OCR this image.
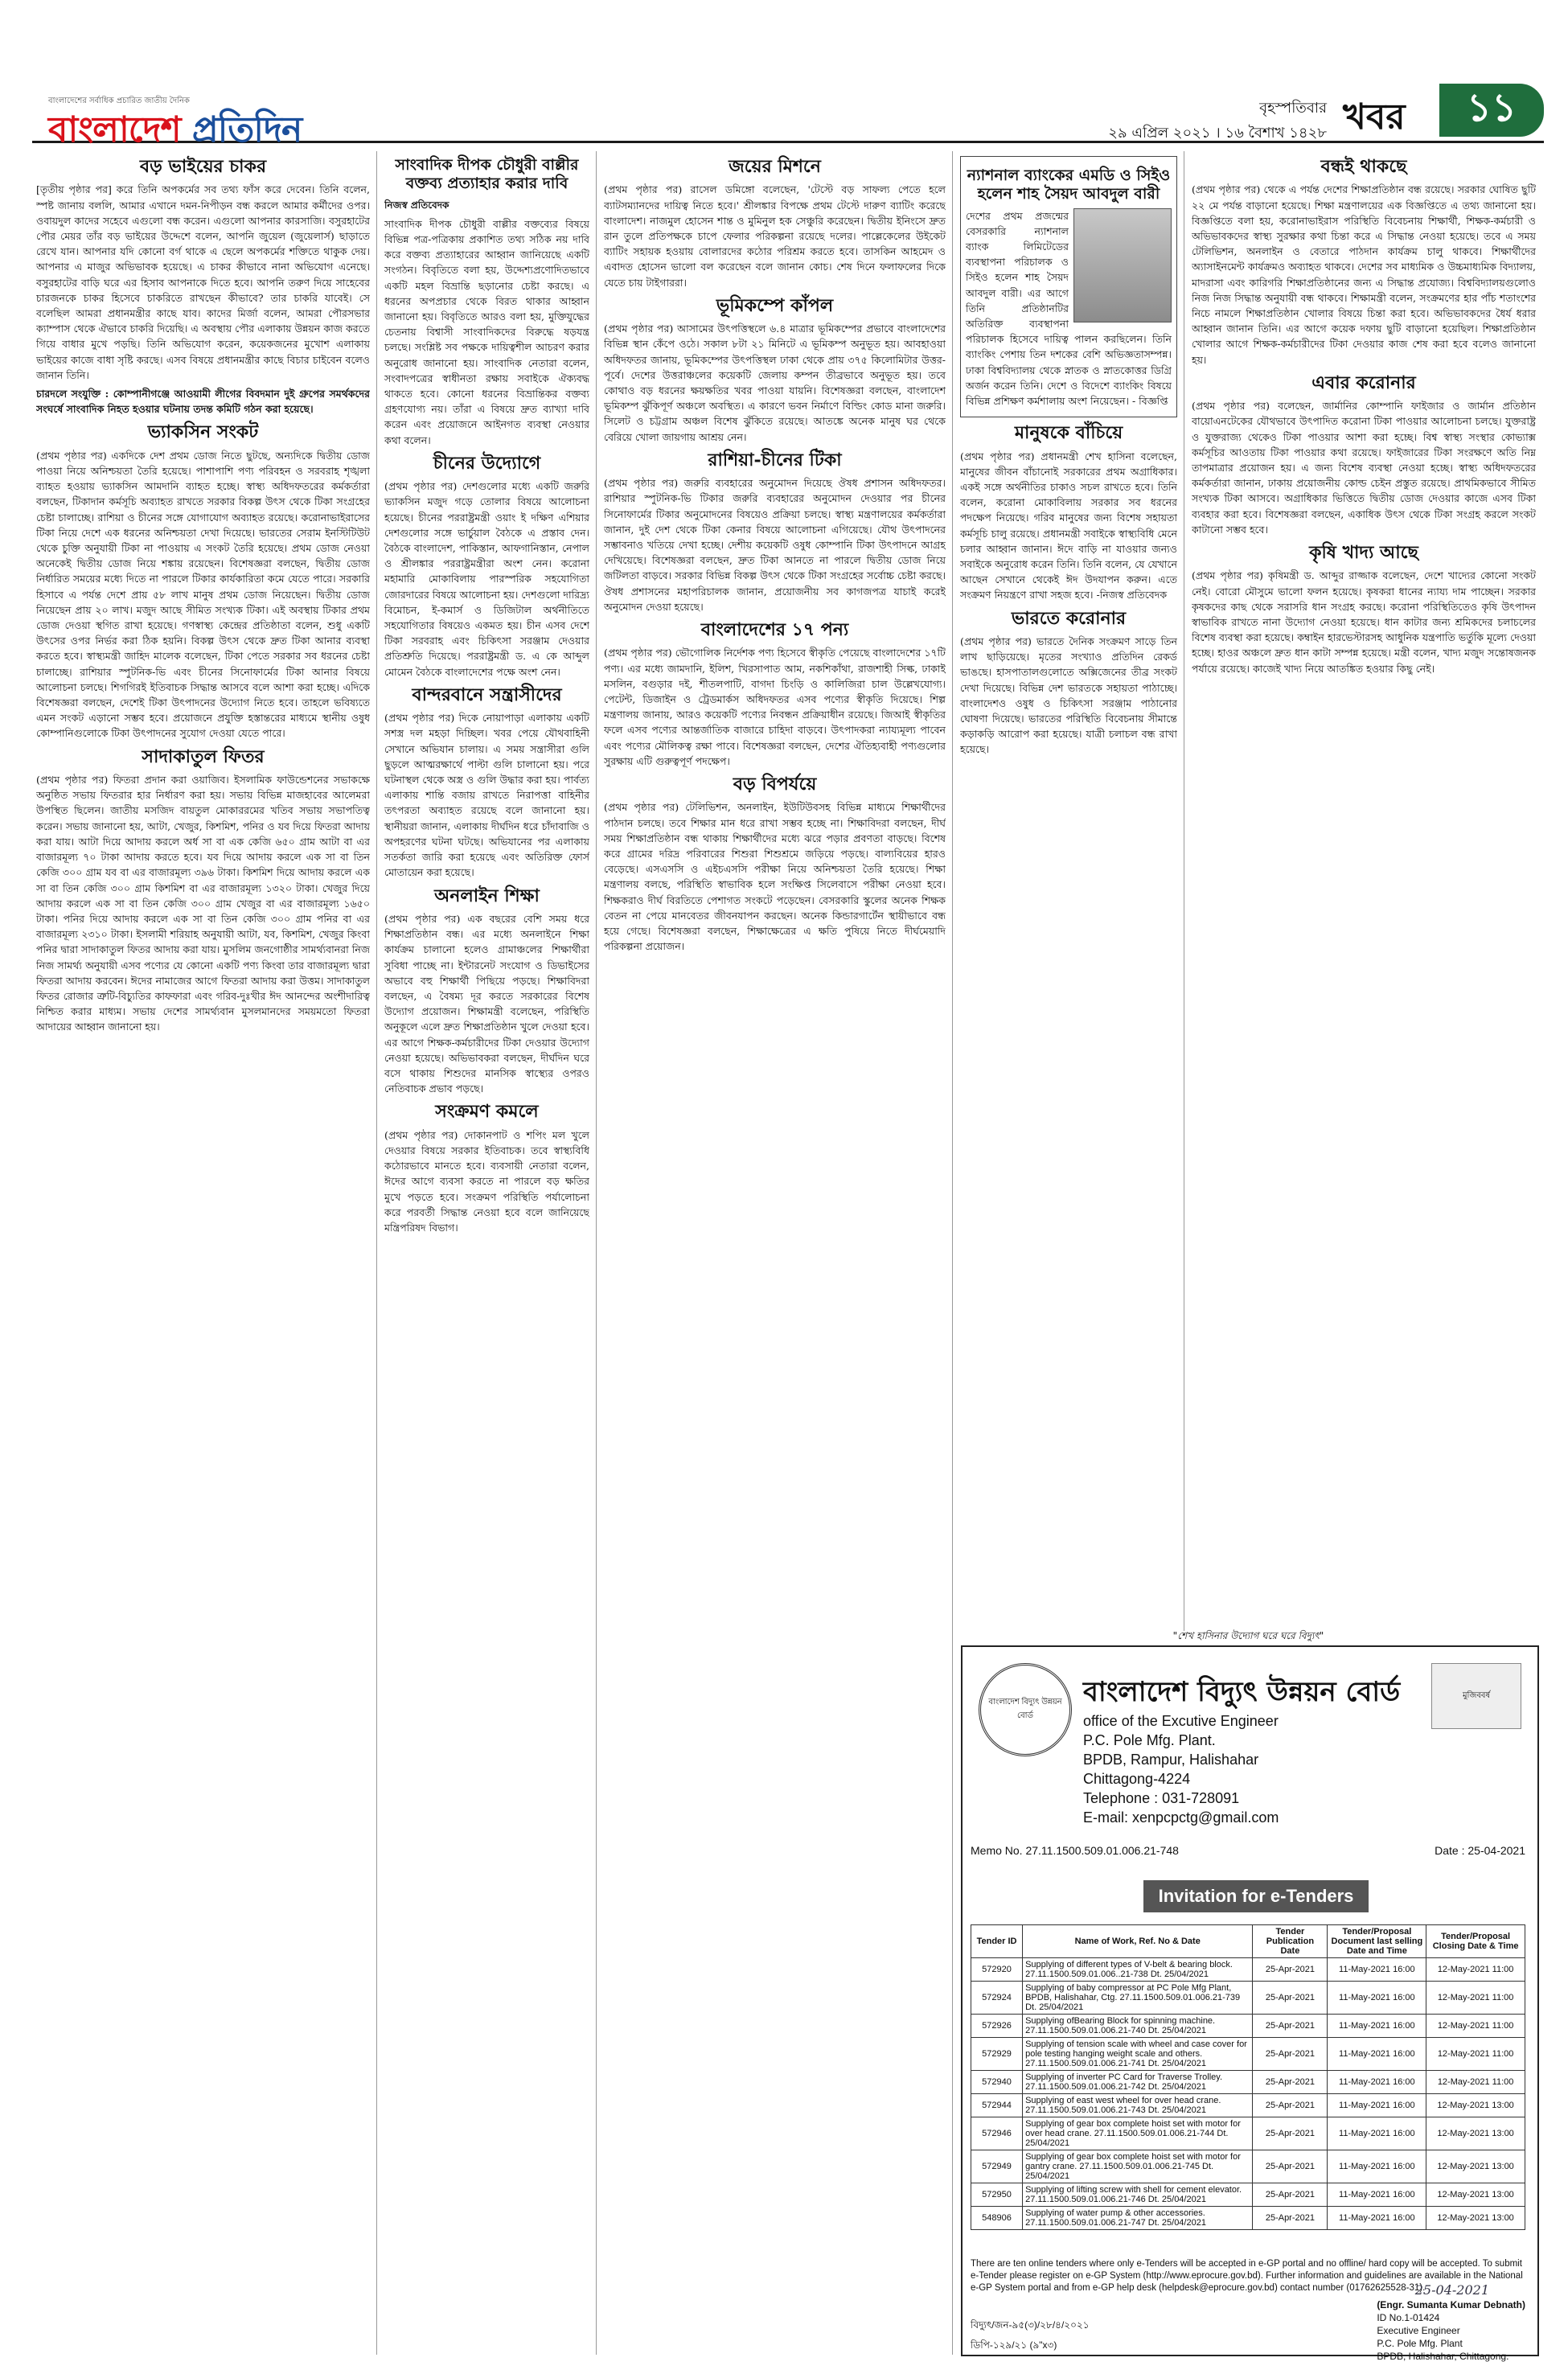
বাংলাদেশের সর্বাধিক প্রচারিত জাতীয় দৈনিক
বাংলাদেশ প্রতিদিন
বৃহস্পতিবার
২৯ এপ্রিল ২০২১ । ১৬ বৈশাখ ১৪২৮ খবর	১১
বড় ভাইয়ের চাকর

[তৃতীয় পৃষ্ঠার পর] করে তিনি অপকর্মের সব তথ্য ফাঁস করে দেবেন। তিনি বলেন, স্পষ্ট জানায় বললি, আমার এখানে দমন-নিপীড়ন বন্ধ করলে আমার কর্মীদের ওপর। ওবায়দুল কাদের সহেবে এগুলো বন্ধ করেন। এগুলো আপনার কারসাজি। বসুরহাটের পৌর মেয়র তাঁর বড় ভাইয়ের উদ্দেশে বলেন, আপনি জুয়েল (জুয়েলার্স) ছাড়াতে রেখে যান। আপনার যদি কোনো বর্গ থাকে এ ছেলে অপকর্মের শক্তিতে থাকুক দেয়। আপনার এ মাজুর অভিভাবক হয়েছে। এ চাকর কীভাবে নানা অভিযোগ এনেছে। বসুরহাটের বাড়ি ঘরে এর হিসাব আপনাকে দিতে হবে। আপনি তরুণ দিয়ে সাহেবের চারজনকে চাকর হিসেবে চাকরিতে রাখছেন কীভাবে? তার চাকরি যাবেই। সে বলেছিল আমরা প্রধানমন্ত্রীর কাছে যাব। কাদের মির্জা বলেন, আমরা পৌরসভার ক্যাম্পাস থেকে ঐভাবে চাকরি দিয়েছি। এ অবস্থায় পৌর এলাকায় উন্নয়ন কাজ করতে গিয়ে বাধার মুখে পড়ছি। তিনি অভিযোগ করেন, কয়েকজনের মুখোশ এলাকায় ভাইয়ের কাজে বাধা সৃষ্টি করছে। এসব বিষয়ে প্রধানমন্ত্রীর কাছে বিচার চাইবেন বলেও জানান তিনি।

চারদলে সংযুক্তি : কোম্পানীগঞ্জে আওয়ামী লীগের বিবদমান দুই গ্রুপের সমর্থকদের সংঘর্ষে সাংবাদিক নিহত হওয়ার ঘটনায় তদন্ত কমিটি গঠন করা হয়েছে।

ভ্যাকসিন সংকট

(প্রথম পৃষ্ঠার পর) একদিকে দেশ প্রথম ডোজ নিতে ছুটছে, অন্যদিকে দ্বিতীয় ডোজ পাওয়া নিয়ে অনিশ্চয়তা তৈরি হয়েছে। পাশাপাশি পণ্য পরিবহন ও সরবরাহ শৃঙ্খলা ব্যাহত হওয়ায় ভ্যাকসিন আমদানি ব্যাহত হচ্ছে। স্বাস্থ্য অধিদফতরের কর্মকর্তারা বলছেন, টিকাদান কর্মসূচি অব্যাহত রাখতে সরকার বিকল্প উৎস থেকে টিকা সংগ্রহের চেষ্টা চালাচ্ছে। রাশিয়া ও চীনের সঙ্গে যোগাযোগ অব্যাহত রয়েছে। করোনাভাইরাসের টিকা নিয়ে দেশে এক ধরনের অনিশ্চয়তা দেখা দিয়েছে। ভারতের সেরাম ইনস্টিটিউট থেকে চুক্তি অনুযায়ী টিকা না পাওয়ায় এ সংকট তৈরি হয়েছে। প্রথম ডোজ নেওয়া অনেকেই দ্বিতীয় ডোজ নিয়ে শঙ্কায় রয়েছেন। বিশেষজ্ঞরা বলছেন, দ্বিতীয় ডোজ নির্ধারিত সময়ের মধ্যে দিতে না পারলে টিকার কার্যকারিতা কমে যেতে পারে। সরকারি হিসাবে এ পর্যন্ত দেশে প্রায় ৫৮ লাখ মানুষ প্রথম ডোজ নিয়েছেন। দ্বিতীয় ডোজ নিয়েছেন প্রায় ২০ লাখ। মজুদ আছে সীমিত সংখ্যক টিকা। এই অবস্থায় টিকার প্রথম ডোজ দেওয়া স্থগিত রাখা হয়েছে। গণস্বাস্থ্য কেন্দ্রের প্রতিষ্ঠাতা বলেন, শুধু একটি উৎসের ওপর নির্ভর করা ঠিক হয়নি। বিকল্প উৎস থেকে দ্রুত টিকা আনার ব্যবস্থা করতে হবে। স্বাস্থ্যমন্ত্রী জাহিদ মালেক বলেছেন, টিকা পেতে সরকার সব ধরনের চেষ্টা চালাচ্ছে। রাশিয়ার স্পুটনিক-ভি এবং চীনের সিনোফার্মের টিকা আনার বিষয়ে আলোচনা চলছে। শিগগিরই ইতিবাচক সিদ্ধান্ত আসবে বলে আশা করা হচ্ছে। এদিকে বিশেষজ্ঞরা বলছেন, দেশেই টিকা উৎপাদনের উদ্যোগ নিতে হবে। তাহলে ভবিষ্যতে এমন সংকট এড়ানো সম্ভব হবে। প্রয়োজনে প্রযুক্তি হস্তান্তরের মাধ্যমে স্থানীয় ওষুধ কোম্পানিগুলোকে টিকা উৎপাদনের সুযোগ দেওয়া যেতে পারে।

সাদাকাতুল ফিতর

(প্রথম পৃষ্ঠার পর) ফিতরা প্রদান করা ওয়াজিব। ইসলামিক ফাউন্ডেশনের সভাকক্ষে অনুষ্ঠিত সভায় ফিতরার হার নির্ধারণ করা হয়। সভায় বিভিন্ন মাজহাবের আলেমরা উপস্থিত ছিলেন। জাতীয় মসজিদ বায়তুল মোকাররমের খতিব সভায় সভাপতিত্ব করেন। সভায় জানানো হয়, আটা, খেজুর, কিশমিশ, পনির ও যব দিয়ে ফিতরা আদায় করা যায়। আটা দিয়ে আদায় করলে অর্ধ সা বা এক কেজি ৬৫০ গ্রাম আটা বা এর বাজারমূল্য ৭০ টাকা আদায় করতে হবে। যব দিয়ে আদায় করলে এক সা বা তিন কেজি ৩০০ গ্রাম যব বা এর বাজারমূল্য ৩৯৬ টাকা। কিশমিশ দিয়ে আদায় করলে এক সা বা তিন কেজি ৩০০ গ্রাম কিশমিশ বা এর বাজারমূল্য ১৩২০ টাকা। খেজুর দিয়ে আদায় করলে এক সা বা তিন কেজি ৩০০ গ্রাম খেজুর বা এর বাজারমূল্য ১৬৫০ টাকা। পনির দিয়ে আদায় করলে এক সা বা তিন কেজি ৩০০ গ্রাম পনির বা এর বাজারমূল্য ২৩১০ টাকা। ইসলামী শরিয়াহ অনুযায়ী আটা, যব, কিশমিশ, খেজুর কিংবা পনির দ্বারা সাদাকাতুল ফিতর আদায় করা যায়। মুসলিম জনগোষ্ঠীর সামর্থ্যবানরা নিজ নিজ সামর্থ্য অনুযায়ী এসব পণ্যের যে কোনো একটি পণ্য কিংবা তার বাজারমূল্য দ্বারা ফিতরা আদায় করবেন। ঈদের নামাজের আগে ফিতরা আদায় করা উত্তম। সাদাকাতুল ফিতর রোজার ত্রুটি-বিচ্যুতির কাফফারা এবং গরিব-দুঃখীর ঈদ আনন্দের অংশীদারিত্ব নিশ্চিত করার মাধ্যম। সভায় দেশের সামর্থ্যবান মুসলমানদের সময়মতো ফিতরা আদায়ের আহ্বান জানানো হয়।

সাংবাদিক দীপক চৌধুরী বাল্লীর বক্তব্য প্রত্যাহার করার দাবি
নিজস্ব প্রতিবেদক

সাংবাদিক দীপক চৌধুরী বাল্লীর বক্তব্যের বিষয়ে বিভিন্ন পত্র-পত্রিকায় প্রকাশিত তথ্য সঠিক নয় দাবি করে বক্তব্য প্রত্যাহারের আহ্বান জানিয়েছে একটি সংগঠন। বিবৃতিতে বলা হয়, উদ্দেশ্যপ্রণোদিতভাবে একটি মহল বিভ্রান্তি ছড়ানোর চেষ্টা করছে। এ ধরনের অপপ্রচার থেকে বিরত থাকার আহ্বান জানানো হয়। বিবৃতিতে আরও বলা হয়, মুক্তিযুদ্ধের চেতনায় বিশ্বাসী সাংবাদিকদের বিরুদ্ধে ষড়যন্ত্র চলছে। সংশ্লিষ্ট সব পক্ষকে দায়িত্বশীল আচরণ করার অনুরোধ জানানো হয়। সাংবাদিক নেতারা বলেন, সংবাদপত্রের স্বাধীনতা রক্ষায় সবাইকে ঐক্যবদ্ধ থাকতে হবে। কোনো ধরনের বিভ্রান্তিকর বক্তব্য গ্রহণযোগ্য নয়। তাঁরা এ বিষয়ে দ্রুত ব্যাখ্যা দাবি করেন এবং প্রয়োজনে আইনগত ব্যবস্থা নেওয়ার কথা বলেন।

চীনের উদ্যোগে

(প্রথম পৃষ্ঠার পর) দেশগুলোর মধ্যে একটি জরুরি ভ্যাকসিন মজুদ গড়ে তোলার বিষয়ে আলোচনা হয়েছে। চীনের পররাষ্ট্রমন্ত্রী ওয়াং ই দক্ষিণ এশিয়ার দেশগুলোর সঙ্গে ভার্চুয়াল বৈঠকে এ প্রস্তাব দেন। বৈঠকে বাংলাদেশ, পাকিস্তান, আফগানিস্তান, নেপাল ও শ্রীলঙ্কার পররাষ্ট্রমন্ত্রীরা অংশ নেন। করোনা মহামারি মোকাবিলায় পারস্পরিক সহযোগিতা জোরদারের বিষয়ে আলোচনা হয়। দেশগুলো দারিদ্র্য বিমোচন, ই-কমার্স ও ডিজিটাল অর্থনীতিতে সহযোগিতার বিষয়েও একমত হয়। চীন এসব দেশে টিকা সরবরাহ এবং চিকিৎসা সরঞ্জাম দেওয়ার প্রতিশ্রুতি দিয়েছে। পররাষ্ট্রমন্ত্রী ড. এ কে আব্দুল মোমেন বৈঠকে বাংলাদেশের পক্ষে অংশ নেন।

বান্দরবানে সন্ত্রাসীদের

(প্রথম পৃষ্ঠার পর) দিকে নোয়াপাড়া এলাকায় একটি সশস্ত্র দল মহড়া দিচ্ছিল। খবর পেয়ে যৌথবাহিনী সেখানে অভিযান চালায়। এ সময় সন্ত্রাসীরা গুলি ছুড়লে আত্মরক্ষার্থে পাল্টা গুলি চালানো হয়। পরে ঘটনাস্থল থেকে অস্ত্র ও গুলি উদ্ধার করা হয়। পার্বত্য এলাকায় শান্তি বজায় রাখতে নিরাপত্তা বাহিনীর তৎপরতা অব্যাহত রয়েছে বলে জানানো হয়। স্থানীয়রা জানান, এলাকায় দীর্ঘদিন ধরে চাঁদাবাজি ও অপহরণের ঘটনা ঘটছে। অভিযানের পর এলাকায় সতর্কতা জারি করা হয়েছে এবং অতিরিক্ত ফোর্স মোতায়েন করা হয়েছে।

অনলাইন শিক্ষা

(প্রথম পৃষ্ঠার পর) এক বছরের বেশি সময় ধরে শিক্ষাপ্রতিষ্ঠান বন্ধ। এর মধ্যে অনলাইনে শিক্ষা কার্যক্রম চালানো হলেও গ্রামাঞ্চলের শিক্ষার্থীরা সুবিধা পাচ্ছে না। ইন্টারনেট সংযোগ ও ডিভাইসের অভাবে বহু শিক্ষার্থী পিছিয়ে পড়ছে। শিক্ষাবিদরা বলছেন, এ বৈষম্য দূর করতে সরকারের বিশেষ উদ্যোগ প্রয়োজন। শিক্ষামন্ত্রী বলেছেন, পরিস্থিতি অনুকূলে এলে দ্রুত শিক্ষাপ্রতিষ্ঠান খুলে দেওয়া হবে। এর আগে শিক্ষক-কর্মচারীদের টিকা দেওয়ার উদ্যোগ নেওয়া হয়েছে। অভিভাবকরা বলছেন, দীর্ঘদিন ঘরে বসে থাকায় শিশুদের মানসিক স্বাস্থ্যের ওপরও নেতিবাচক প্রভাব পড়ছে।

সংক্রমণ কমলে

(প্রথম পৃষ্ঠার পর) দোকানপাট ও শপিং মল খুলে দেওয়ার বিষয়ে সরকার ইতিবাচক। তবে স্বাস্থ্যবিধি কঠোরভাবে মানতে হবে। ব্যবসায়ী নেতারা বলেন, ঈদের আগে ব্যবসা করতে না পারলে বড় ক্ষতির মুখে পড়তে হবে। সংক্রমণ পরিস্থিতি পর্যালোচনা করে পরবর্তী সিদ্ধান্ত নেওয়া হবে বলে জানিয়েছে মন্ত্রিপরিষদ বিভাগ।

জয়ের মিশনে

(প্রথম পৃষ্ঠার পর) রাসেল ডমিঙ্গো বলেছেন, 'টেস্টে বড় সাফল্য পেতে হলে ব্যাটসম্যানদের দায়িত্ব নিতে হবে।' শ্রীলঙ্কার বিপক্ষে প্রথম টেস্টে দারুণ ব্যাটিং করেছে বাংলাদেশ। নাজমুল হোসেন শান্ত ও মুমিনুল হক সেঞ্চুরি করেছেন। দ্বিতীয় ইনিংসে দ্রুত রান তুলে প্রতিপক্ষকে চাপে ফেলার পরিকল্পনা রয়েছে দলের। পাল্লেকেলের উইকেট ব্যাটিং সহায়ক হওয়ায় বোলারদের কঠোর পরিশ্রম করতে হবে। তাসকিন আহমেদ ও এবাদত হোসেন ভালো বল করেছেন বলে জানান কোচ। শেষ দিনে ফলাফলের দিকে যেতে চায় টাইগাররা।

ভূমিকম্পে কাঁপল

(প্রথম পৃষ্ঠার পর) আসামের উৎপত্তিস্থলে ৬.৪ মাত্রার ভূমিকম্পের প্রভাবে বাংলাদেশের বিভিন্ন স্থান কেঁপে ওঠে। সকাল ৮টা ২১ মিনিটে এ ভূমিকম্প অনুভূত হয়। আবহাওয়া অধিদফতর জানায়, ভূমিকম্পের উৎপত্তিস্থল ঢাকা থেকে প্রায় ৩৭৫ কিলোমিটার উত্তর-পূর্বে। দেশের উত্তরাঞ্চলের কয়েকটি জেলায় কম্পন তীব্রভাবে অনুভূত হয়। তবে কোথাও বড় ধরনের ক্ষয়ক্ষতির খবর পাওয়া যায়নি। বিশেষজ্ঞরা বলছেন, বাংলাদেশ ভূমিকম্প ঝুঁকিপূর্ণ অঞ্চলে অবস্থিত। এ কারণে ভবন নির্মাণে বিল্ডিং কোড মানা জরুরি। সিলেট ও চট্টগ্রাম অঞ্চল বিশেষ ঝুঁকিতে রয়েছে। আতঙ্কে অনেক মানুষ ঘর থেকে বেরিয়ে খোলা জায়গায় আশ্রয় নেন।

রাশিয়া-চীনের টিকা

(প্রথম পৃষ্ঠার পর) জরুরি ব্যবহারের অনুমোদন দিয়েছে ঔষধ প্রশাসন অধিদফতর। রাশিয়ার স্পুটনিক-ভি টিকার জরুরি ব্যবহারের অনুমোদন দেওয়ার পর চীনের সিনোফার্মের টিকার অনুমোদনের বিষয়েও প্রক্রিয়া চলছে। স্বাস্থ্য মন্ত্রণালয়ের কর্মকর্তারা জানান, দুই দেশ থেকে টিকা কেনার বিষয়ে আলোচনা এগিয়েছে। যৌথ উৎপাদনের সম্ভাবনাও খতিয়ে দেখা হচ্ছে। দেশীয় কয়েকটি ওষুধ কোম্পানি টিকা উৎপাদনে আগ্রহ দেখিয়েছে। বিশেষজ্ঞরা বলছেন, দ্রুত টিকা আনতে না পারলে দ্বিতীয় ডোজ নিয়ে জটিলতা বাড়বে। সরকার বিভিন্ন বিকল্প উৎস থেকে টিকা সংগ্রহের সর্বোচ্চ চেষ্টা করছে। ঔষধ প্রশাসনের মহাপরিচালক জানান, প্রয়োজনীয় সব কাগজপত্র যাচাই করেই অনুমোদন দেওয়া হয়েছে।

বাংলাদেশের ১৭ পন্য

(প্রথম পৃষ্ঠার পর) ভৌগোলিক নির্দেশক পণ্য হিসেবে স্বীকৃতি পেয়েছে বাংলাদেশের ১৭টি পণ্য। এর মধ্যে জামদানি, ইলিশ, খিরসাপাত আম, নকশিকাঁথা, রাজশাহী সিল্ক, ঢাকাই মসলিন, বগুড়ার দই, শীতলপাটি, বাগদা চিংড়ি ও কালিজিরা চাল উল্লেখযোগ্য। পেটেন্ট, ডিজাইন ও ট্রেডমার্কস অধিদফতর এসব পণ্যের স্বীকৃতি দিয়েছে। শিল্প মন্ত্রণালয় জানায়, আরও কয়েকটি পণ্যের নিবন্ধন প্রক্রিয়াধীন রয়েছে। জিআই স্বীকৃতির ফলে এসব পণ্যের আন্তর্জাতিক বাজারে চাহিদা বাড়বে। উৎপাদকরা ন্যায্যমূল্য পাবেন এবং পণ্যের মৌলিকত্ব রক্ষা পাবে। বিশেষজ্ঞরা বলছেন, দেশের ঐতিহ্যবাহী পণ্যগুলোর সুরক্ষায় এটি গুরুত্বপূর্ণ পদক্ষেপ।

বড় বিপর্যয়ে

(প্রথম পৃষ্ঠার পর) টেলিভিশন, অনলাইন, ইউটিউবসহ বিভিন্ন মাধ্যমে শিক্ষার্থীদের পাঠদান চলছে। তবে শিক্ষার মান ধরে রাখা সম্ভব হচ্ছে না। শিক্ষাবিদরা বলছেন, দীর্ঘ সময় শিক্ষাপ্রতিষ্ঠান বন্ধ থাকায় শিক্ষার্থীদের মধ্যে ঝরে পড়ার প্রবণতা বাড়ছে। বিশেষ করে গ্রামের দরিদ্র পরিবারের শিশুরা শিশুশ্রমে জড়িয়ে পড়ছে। বাল্যবিয়ের হারও বেড়েছে। এসএসসি ও এইচএসসি পরীক্ষা নিয়ে অনিশ্চয়তা তৈরি হয়েছে। শিক্ষা মন্ত্রণালয় বলছে, পরিস্থিতি স্বাভাবিক হলে সংক্ষিপ্ত সিলেবাসে পরীক্ষা নেওয়া হবে। শিক্ষকরাও দীর্ঘ বিরতিতে পেশাগত সংকটে পড়েছেন। বেসরকারি স্কুলের অনেক শিক্ষক বেতন না পেয়ে মানবেতর জীবনযাপন করছেন। অনেক কিন্ডারগার্টেন স্থায়ীভাবে বন্ধ হয়ে গেছে। বিশেষজ্ঞরা বলছেন, শিক্ষাক্ষেত্রের এ ক্ষতি পুষিয়ে নিতে দীর্ঘমেয়াদি পরিকল্পনা প্রয়োজন।

ন্যাশনাল ব্যাংকের এমডি ও সিইও হলেন শাহ সৈয়দ আবদুল বারী

দেশের প্রথম প্রজন্মের বেসরকারি ন্যাশনাল ব্যাংক লিমিটেডের ব্যবস্থাপনা পরিচালক ও সিইও হলেন শাহ সৈয়দ আবদুল বারী। এর আগে তিনি প্রতিষ্ঠানটির অতিরিক্ত ব্যবস্থাপনা পরিচালক হিসেবে দায়িত্ব পালন করছিলেন। তিনি ব্যাংকিং পেশায় তিন দশকের বেশি অভিজ্ঞতাসম্পন্ন। ঢাকা বিশ্ববিদ্যালয় থেকে স্নাতক ও স্নাতকোত্তর ডিগ্রি অর্জন করেন তিনি। দেশে ও বিদেশে ব্যাংকিং বিষয়ে বিভিন্ন প্রশিক্ষণ কর্মশালায় অংশ নিয়েছেন। - বিজ্ঞপ্তি

মানুষকে বাঁচিয়ে

(প্রথম পৃষ্ঠার পর) প্রধানমন্ত্রী শেখ হাসিনা বলেছেন, মানুষের জীবন বাঁচানোই সরকারের প্রথম অগ্রাধিকার। একই সঙ্গে অর্থনীতির চাকাও সচল রাখতে হবে। তিনি বলেন, করোনা মোকাবিলায় সরকার সব ধরনের পদক্ষেপ নিয়েছে। গরিব মানুষের জন্য বিশেষ সহায়তা কর্মসূচি চালু রয়েছে। প্রধানমন্ত্রী সবাইকে স্বাস্থ্যবিধি মেনে চলার আহ্বান জানান। ঈদে বাড়ি না যাওয়ার জন্যও সবাইকে অনুরোধ করেন তিনি। তিনি বলেন, যে যেখানে আছেন সেখানে থেকেই ঈদ উদযাপন করুন। এতে সংক্রমণ নিয়ন্ত্রণে রাখা সহজ হবে। -নিজস্ব প্রতিবেদক

ভারতে করোনার

(প্রথম পৃষ্ঠার পর) ভারতে দৈনিক সংক্রমণ সাড়ে তিন লাখ ছাড়িয়েছে। মৃতের সংখ্যাও প্রতিদিন রেকর্ড ভাঙছে। হাসপাতালগুলোতে অক্সিজেনের তীব্র সংকট দেখা দিয়েছে। বিভিন্ন দেশ ভারতকে সহায়তা পাঠাচ্ছে। বাংলাদেশও ওষুধ ও চিকিৎসা সরঞ্জাম পাঠানোর ঘোষণা দিয়েছে। ভারতের পরিস্থিতি বিবেচনায় সীমান্তে কড়াকড়ি আরোপ করা হয়েছে। যাত্রী চলাচল বন্ধ রাখা হয়েছে।

বন্ধই থাকছে

(প্রথম পৃষ্ঠার পর) থেকে এ পর্যন্ত দেশের শিক্ষাপ্রতিষ্ঠান বন্ধ রয়েছে। সরকার ঘোষিত ছুটি ২২ মে পর্যন্ত বাড়ানো হয়েছে। শিক্ষা মন্ত্রণালয়ের এক বিজ্ঞপ্তিতে এ তথ্য জানানো হয়। বিজ্ঞপ্তিতে বলা হয়, করোনাভাইরাস পরিস্থিতি বিবেচনায় শিক্ষার্থী, শিক্ষক-কর্মচারী ও অভিভাবকদের স্বাস্থ্য সুরক্ষার কথা চিন্তা করে এ সিদ্ধান্ত নেওয়া হয়েছে। তবে এ সময় টেলিভিশন, অনলাইন ও বেতারে পাঠদান কার্যক্রম চালু থাকবে। শিক্ষার্থীদের অ্যাসাইনমেন্ট কার্যক্রমও অব্যাহত থাকবে। দেশের সব মাধ্যমিক ও উচ্চমাধ্যমিক বিদ্যালয়, মাদরাসা এবং কারিগরি শিক্ষাপ্রতিষ্ঠানের জন্য এ সিদ্ধান্ত প্রযোজ্য। বিশ্ববিদ্যালয়গুলোও নিজ নিজ সিদ্ধান্ত অনুযায়ী বন্ধ থাকবে। শিক্ষামন্ত্রী বলেন, সংক্রমণের হার পাঁচ শতাংশের নিচে নামলে শিক্ষাপ্রতিষ্ঠান খোলার বিষয়ে চিন্তা করা হবে। অভিভাবকদের ধৈর্য ধরার আহ্বান জানান তিনি। এর আগে কয়েক দফায় ছুটি বাড়ানো হয়েছিল। শিক্ষাপ্রতিষ্ঠান খোলার আগে শিক্ষক-কর্মচারীদের টিকা দেওয়ার কাজ শেষ করা হবে বলেও জানানো হয়।

এবার করোনার

(প্রথম পৃষ্ঠার পর) বলেছেন, জার্মানির কোম্পানি ফাইজার ও জার্মান প্রতিষ্ঠান বায়োএনটেকের যৌথভাবে উৎপাদিত করোনা টিকা পাওয়ার আলোচনা চলছে। যুক্তরাষ্ট্র ও যুক্তরাজ্য থেকেও টিকা পাওয়ার আশা করা হচ্ছে। বিশ্ব স্বাস্থ্য সংস্থার কোভ্যাক্স কর্মসূচির আওতায় টিকা পাওয়ার কথা রয়েছে। ফাইজারের টিকা সংরক্ষণে অতি নিম্ন তাপমাত্রার প্রয়োজন হয়। এ জন্য বিশেষ ব্যবস্থা নেওয়া হচ্ছে। স্বাস্থ্য অধিদফতরের কর্মকর্তারা জানান, ঢাকায় প্রয়োজনীয় কোল্ড চেইন প্রস্তুত রয়েছে। প্রাথমিকভাবে সীমিত সংখ্যক টিকা আসবে। অগ্রাধিকার ভিত্তিতে দ্বিতীয় ডোজ দেওয়ার কাজে এসব টিকা ব্যবহার করা হবে। বিশেষজ্ঞরা বলছেন, একাধিক উৎস থেকে টিকা সংগ্রহ করলে সংকট কাটানো সম্ভব হবে।

কৃষি খাদ্য আছে

(প্রথম পৃষ্ঠার পর) কৃষিমন্ত্রী ড. আব্দুর রাজ্জাক বলেছেন, দেশে খাদ্যের কোনো সংকট নেই। বোরো মৌসুমে ভালো ফলন হয়েছে। কৃষকরা ধানের ন্যায্য দাম পাচ্ছেন। সরকার কৃষকদের কাছ থেকে সরাসরি ধান সংগ্রহ করছে। করোনা পরিস্থিতিতেও কৃষি উৎপাদন স্বাভাবিক রাখতে নানা উদ্যোগ নেওয়া হয়েছে। ধান কাটার জন্য শ্রমিকদের চলাচলের বিশেষ ব্যবস্থা করা হয়েছে। কম্বাইন হারভেস্টারসহ আধুনিক যন্ত্রপাতি ভর্তুকি মূল্যে দেওয়া হচ্ছে। হাওর অঞ্চলে দ্রুত ধান কাটা সম্পন্ন হয়েছে। মন্ত্রী বলেন, খাদ্য মজুদ সন্তোষজনক পর্যায়ে রয়েছে। কাজেই খাদ্য নিয়ে আতঙ্কিত হওয়ার কিছু নেই।

"শেখ হাসিনার উদ্যোগ ঘরে ঘরে বিদ্যুৎ"
বাংলাদেশ বিদ্যুৎ উন্নয়ন বোর্ড
বাংলাদেশ বিদ্যুৎ উন্নয়ন বোর্ড	মুজিববর্ষ
office of the Excutive Engineer
P.C. Pole Mfg. Plant.
BPDB, Rampur, Halishahar
Chittagong-4224
Telephone : 031-728091
E-mail: xenpcpctg@gmail.com
Memo No. 27.11.1500.509.01.006.21-748	Date : 25-04-2021
Invitation for e-Tenders
Tender ID	Name of Work, Ref. No & Date	Tender Publication Date	Tender/Proposal Document last selling Date and Time	Tender/Proposal Closing Date & Time
572920	Supplying of different types of V-belt & bearing block. 27.11.1500.509.01.006..21-738 Dt. 25/04/2021	25-Apr-2021	11-May-2021 16:00	12-May-2021 11:00
572924	Supplying of baby compressor at PC Pole Mfg Plant, BPDB, Halishahar, Ctg. 27.11.1500.509.01.006.21-739 Dt. 25/04/2021	25-Apr-2021	11-May-2021 16:00	12-May-2021 11:00
572926	Supplying ofBearing Block for spinning machine. 27.11.1500.509.01.006.21-740 Dt. 25/04/2021	25-Apr-2021	11-May-2021 16:00	12-May-2021 11:00
572929	Supplying of tension scale with wheel and case cover for pole testing hanging weight scale and others. 27.11.1500.509.01.006.21-741 Dt. 25/04/2021	25-Apr-2021	11-May-2021 16:00	12-May-2021 11:00
572940	Supplying of inverter PC Card for Traverse Trolley. 27.11.1500.509.01.006.21-742 Dt. 25/04/2021	25-Apr-2021	11-May-2021 16:00	12-May-2021 11:00
572944	Supplying of east west wheel for over head crane. 27.11.1500.509.01.006.21-743 Dt. 25/04/2021	25-Apr-2021	11-May-2021 16:00	12-May-2021 13:00
572946	Supplying of gear box complete hoist set with motor for over head crane. 27.11.1500.509.01.006.21-744 Dt. 25/04/2021	25-Apr-2021	11-May-2021 16:00	12-May-2021 13:00
572949	Supplying of gear box complete hoist set with motor for gantry crane. 27.11.1500.509.01.006.21-745 Dt. 25/04/2021	25-Apr-2021	11-May-2021 16:00	12-May-2021 13:00
572950	Supplying of lifting screw with shell for cement elevator. 27.11.1500.509.01.006.21-746 Dt. 25/04/2021	25-Apr-2021	11-May-2021 16:00	12-May-2021 13:00
548906	Supplying of water pump & other accessories. 27.11.1500.509.01.006.21-747 Dt. 25/04/2021	25-Apr-2021	11-May-2021 16:00	12-May-2021 13:00
There are ten online tenders where only e-Tenders will be accepted in e-GP portal and no offline/ hard copy will be accepted. To submit e-Tender please register on e-GP System (http://www.eprocure.gov.bd). Further information and guidelines are available in the National e-GP System portal and from e-GP help desk (helpdesk@eprocure.gov.bd) contact number (01762625528-31).
25-04-2021
(Engr. Sumanta Kumar Debnath)
ID No.1-01424
Executive Engineer
P.C. Pole Mfg. Plant
BPDB, Halishahar, Chittagong.
বিদ্যুৎ/জন-৯৫(৩)/২৮/৪/২০২১
ডিপি-১২৯/২১ (৯"x৩)
